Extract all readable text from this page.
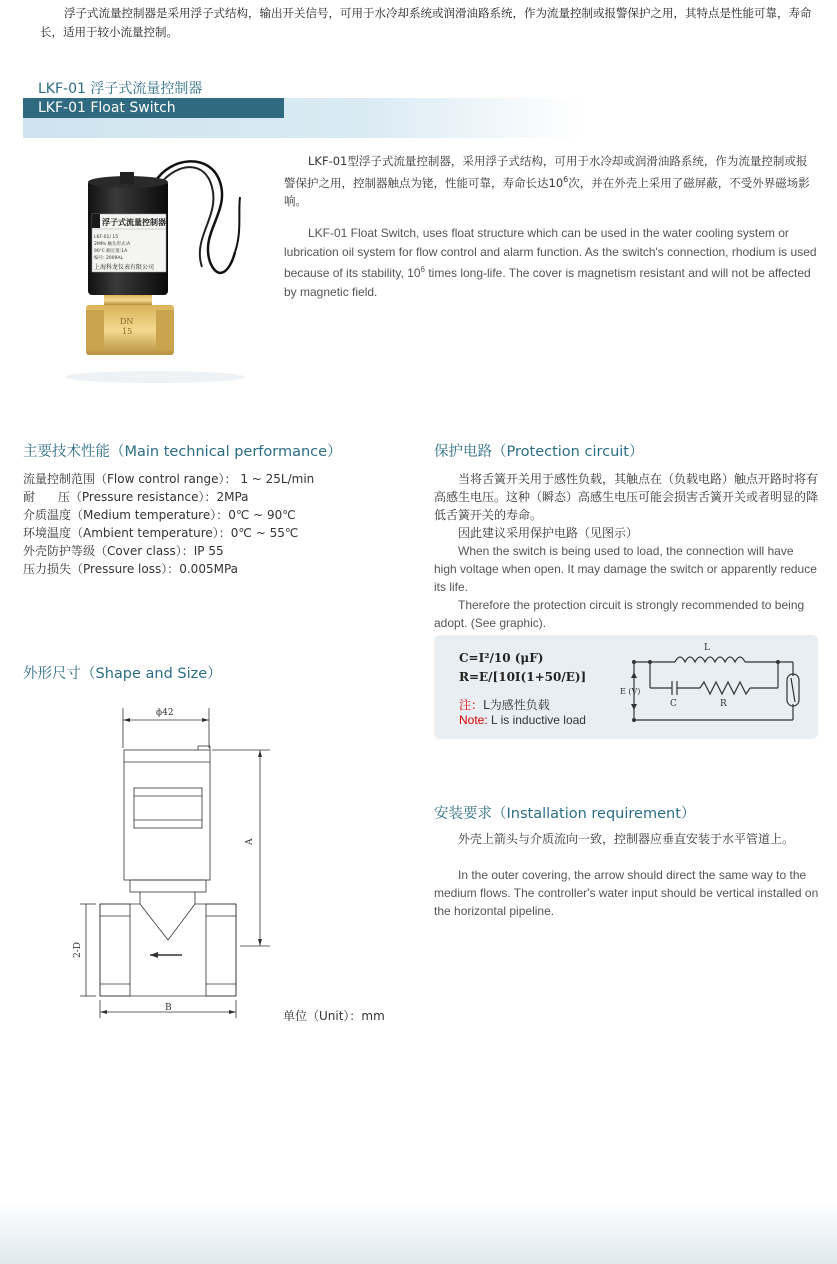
浮子式流量控制器是采用浮子式结构，输出开关信号，可用于水冷却系统或润滑油路系统，作为流量控制或报警保护之用，其特点是性能可靠，寿命长，适用于较小流量控制。

LKF-01 浮子式流量控制器
LKF-01 Float Switch
浮子式流量控制器
LKF-01/ 15
2MPa 触头形式:A
90℃ 额定值:1A
编号: 2009AL
上海科龙仪表有限公司
DN
15

LKF-01型浮子式流量控制器，采用浮子式结构，可用于水冷却或润滑油路系统，作为流量控制或报警保护之用，控制器触点为铑，性能可靠，寿命长达$10^6$次，并在外壳上采用了磁屏蔽，不受外界磁场影响。

LKF-01 Float Switch, uses float structure which can be used in the water cooling system or lubrication oil system for flow control and alarm function. As the switch's connection, rhodium is used because of its stability, $10^6$ times long-life. The cover is magnetism resistant and will not be affected by magnetic field.

主要技术性能（Main technical performance）
流量控制范围（Flow control range）： 1 ~ 25L/min
耐      压（Pressure resistance）：2MPa
介质温度（Medium temperature）：0℃ ~ 90℃
环境温度（Ambient temperature）：0℃ ~ 55℃
外壳防护等级（Cover class）：IP 55
压力损失（Pressure loss）：0.005MPa
保护电路（Protection circuit）

当将舌簧开关用于感性负载，其触点在（负载电路）触点开路时将有高感生电压。这种（瞬态）高感生电压可能会损害舌簧开关或者明显的降低舌簧开关的寿命。

因此建议采用保护电路（见图示）

When the switch is being used to load, the connection will have high voltage when open. It may damage the switch or apparently reduce its life.

Therefore the protection circuit is strongly recommended to being adopt. (See graphic).

C=I²/10 (μF)
R=E/[10I(1+50/E)]
注：L为感性负载
Note: L is inductive load
L
C	R
E (V)
外形尺寸（Shape and Size）
ϕ42
A
B
2-D
单位（Unit）：mm
安装要求（Installation requirement）

外壳上箭头与介质流向一致，控制器应垂直安装于水平管道上。

In the outer covering, the arrow should direct the same way to the medium flows. The controller's water input should be vertical installed on the horizontal pipeline.
